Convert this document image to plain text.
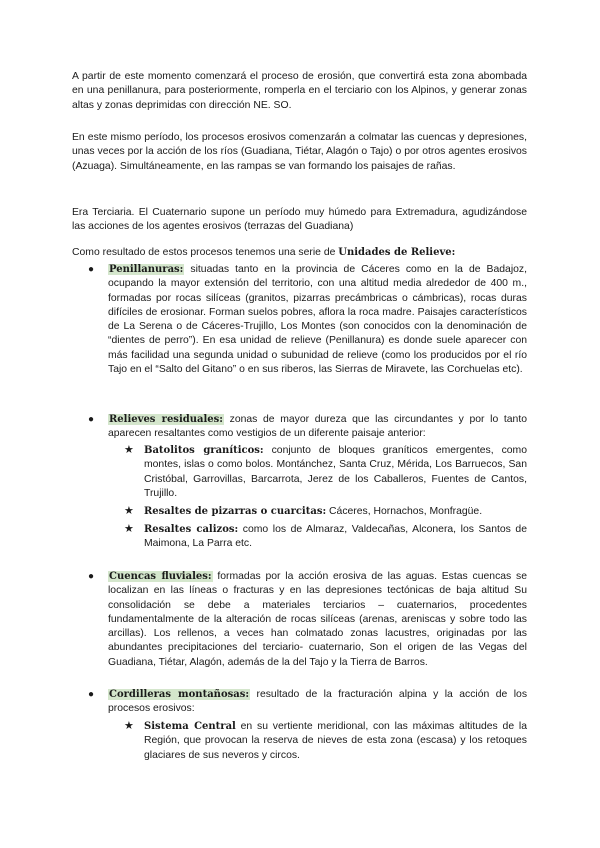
A partir de este momento comenzará el proceso de erosión, que convertirá esta zona abombada en una penillanura, para posteriormente, romperla en el terciario con los Alpinos, y generar zonas altas y zonas deprimidas con dirección NE. SO.

En este mismo período, los procesos erosivos comenzarán a colmatar las cuencas y depresiones, unas veces por la acción de los ríos (Guadiana, Tiétar, Alagón o Tajo) o por otros agentes erosivos (Azuaga). Simultáneamente, en las rampas se van formando los paisajes de rañas.

Era Terciaria. El Cuaternario supone un período muy húmedo para Extremadura, agudizándose las acciones de los agentes erosivos (terrazas del Guadiana)

Como resultado de estos procesos tenemos una serie de Unidades de Relieve:

●	Penillanuras: situadas tanto en la provincia de Cáceres como en la de Badajoz, ocupando la mayor extensión del territorio, con una altitud media alrededor de 400 m., formadas por rocas silíceas (granitos, pizarras precámbricas o cámbricas), rocas duras difíciles de erosionar. Forman suelos pobres, aflora la roca madre. Paisajes característicos de La Serena o de Cáceres-Trujillo, Los Montes (son conocidos con la denominación de “dientes de perro”). En esa unidad de relieve (Penillanura) es donde suele aparecer con más facilidad una segunda unidad o subunidad de relieve (como los producidos por el río Tajo en el “Salto del Gitano” o en sus riberos, las Sierras de Miravete, las Corchuelas etc).
●	Relieves residuales: zonas de mayor dureza que las circundantes y por lo tanto aparecen resaltantes como vestigios de un diferente paisaje anterior:
★ Batolitos graníticos: conjunto de bloques graníticos emergentes, como montes, islas o como bolos. Montánchez, Santa Cruz, Mérida, Los Barruecos, San Cristóbal, Garrovillas, Barcarrota, Jerez de los Caballeros, Fuentes de Cantos, Trujillo.
★ Resaltes de pizarras o cuarcitas: Cáceres, Hornachos, Monfragüe.
★ Resaltes calizos: como los de Almaraz, Valdecañas, Alconera, los Santos de Maimona, La Parra etc.
●	Cuencas fluviales: formadas por la acción erosiva de las aguas. Estas cuencas se localizan en las líneas o fracturas y en las depresiones tectónicas de baja altitud Su consolidación se debe a materiales terciarios – cuaternarios, procedentes fundamentalmente de la alteración de rocas silíceas (arenas, areniscas y sobre todo las arcillas). Los rellenos, a veces han colmatado zonas lacustres, originadas por las abundantes precipitaciones del terciario- cuaternario, Son el origen de las Vegas del Guadiana, Tiétar, Alagón, además de la del Tajo y la Tierra de Barros.
●	Cordilleras montañosas: resultado de la fracturación alpina y la acción de los procesos erosivos:
★ Sistema Central en su vertiente meridional, con las máximas altitudes de la Región, que provocan la reserva de nieves de esta zona (escasa) y los retoques glaciares de sus neveros y circos.
